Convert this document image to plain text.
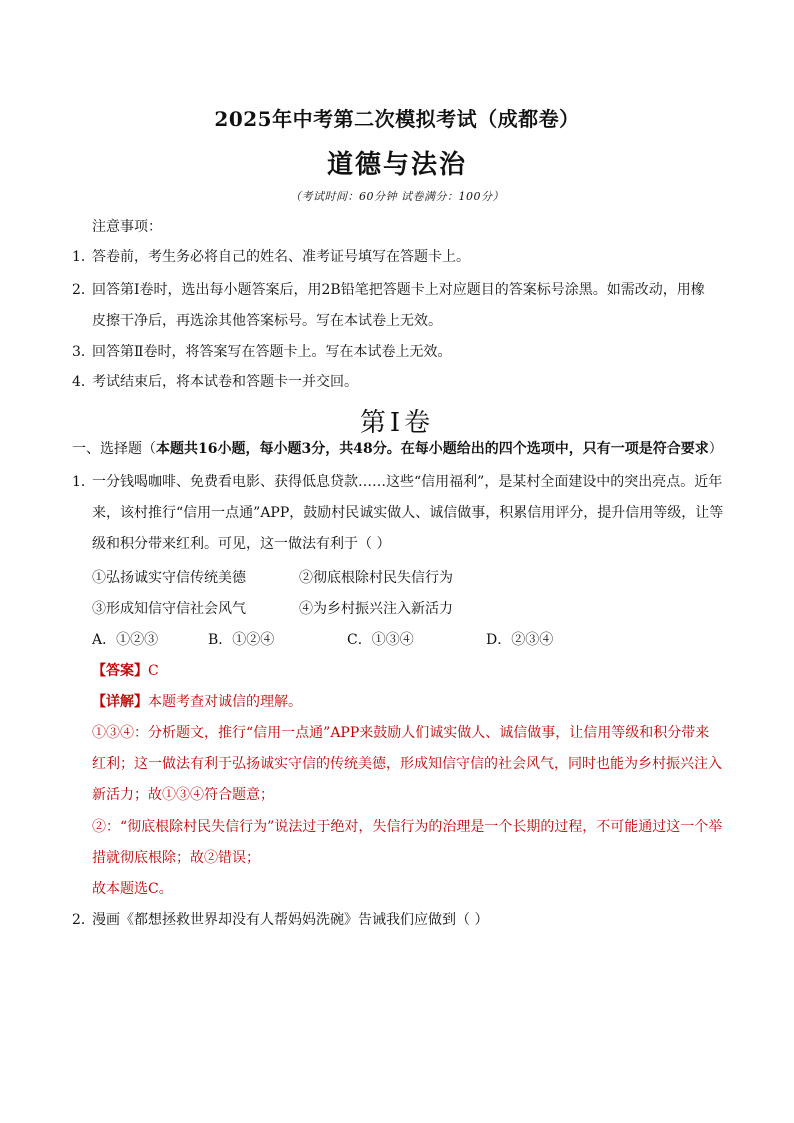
2025年中考第二次模拟考试（成都卷）
道德与法治
（考试时间：60分钟 试卷满分：100分）
注意事项：
1．
答卷前，考生务必将自己的姓名、准考证号填写在答题卡上。
2．
回答第Ⅰ卷时，选出每小题答案后，用2B铅笔把答题卡上对应题目的答案标号涂黑。如需改动，用橡
皮擦干净后，再选涂其他答案标号。写在本试卷上无效。
3．
回答第Ⅱ卷时，将答案写在答题卡上。写在本试卷上无效。
4．
考试结束后，将本试卷和答题卡一并交回。
第Ⅰ卷
一、选择题（本题共16小题，每小题3分，共48分。在每小题给出的四个选项中，只有一项是符合要求）
1．
一分钱喝咖啡、免费看电影、获得低息贷款……这些“信用福利”，是某村全面建设中的突出亮点。近年
来，该村推行“信用一点通”APP，鼓励村民诚实做人、诚信做事，积累信用评分，提升信用等级，让等
级和积分带来红利。可见，这一做法有利于（ ）
①弘扬诚实守信传统美德	②彻底根除村民失信行为
③形成知信守信社会风气	④为乡村振兴注入新活力
A．①②③	B．①②④	C．①③④	D．②③④
【答案】C
【详解】本题考查对诚信的理解。
①③④：分析题文，推行“信用一点通”APP来鼓励人们诚实做人、诚信做事，让信用等级和积分带来
红利；这一做法有利于弘扬诚实守信的传统美德，形成知信守信的社会风气，同时也能为乡村振兴注入
新活力；故①③④符合题意；
②：“彻底根除村民失信行为”说法过于绝对，失信行为的治理是一个长期的过程，不可能通过这一个举
措就彻底根除；故②错误；
故本题选C。
2．
漫画《都想拯救世界却没有人帮妈妈洗碗》告诫我们应做到（ ）
